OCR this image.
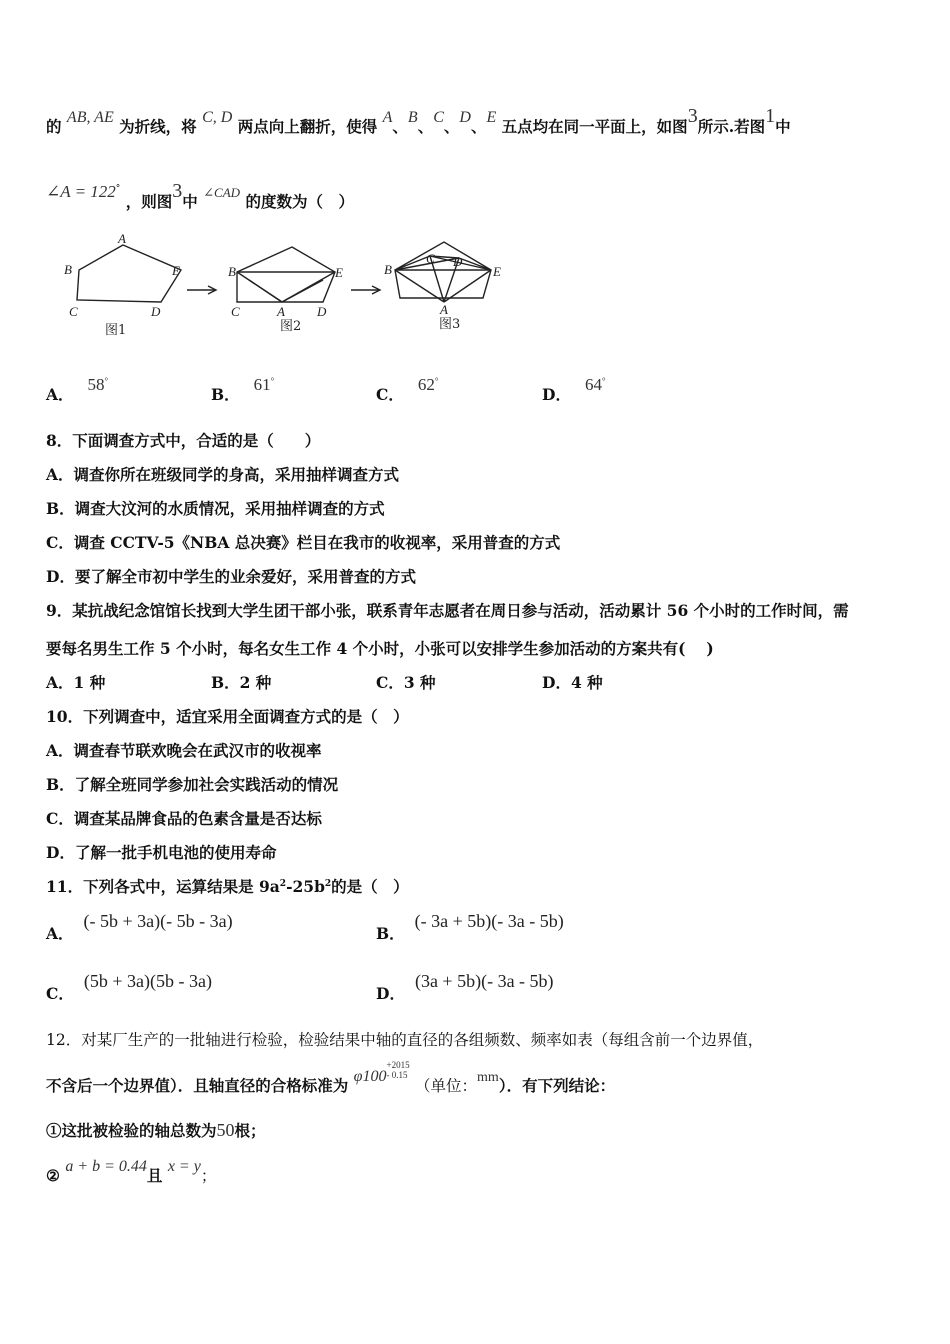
的 AB, AE 为折线，将 C, D 两点向上翻折，使得 A、B、C、D、E 五点均在同一平面上，如图3所示.若图1中
∠A = 122° ，则图3中 $^{\angle CAD}$ 的度数为（　）
A
B	E
C	D
B	E
C	A D
B
C D
E
A
图1	图2	图3
A．58°
B．61°
C．62°
D．64°
8．下面调查方式中，合适的是（　　）
A．调查你所在班级同学的身高，采用抽样调查方式
B．调查大汶河的水质情况，采用抽样调查的方式
C．调查 CCTV-5《NBA 总决赛》栏目在我市的收视率，采用普查的方式
D．要了解全市初中学生的业余爱好，采用普查的方式
9．某抗战纪念馆馆长找到大学生团干部小张，联系青年志愿者在周日参与活动，活动累计 56 个小时的工作时间，需
要每名男生工作 5 个小时，每名女生工作 4 个小时，小张可以安排学生参加活动的方案共有(　 )
A．1 种	B．2 种	C．3 种	D．4 种
10．下列调查中，适宜采用全面调查方式的是（　）
A．调查春节联欢晚会在武汉市的收视率
B．了解全班同学参加社会实践活动的情况
C．调查某品牌食品的色素含量是否达标
D．了解一批手机电池的使用寿命
11．下列各式中，运算结果是 $9a^2-25b^2$的是（　）
A．(- 5b + 3a)(- 5b - 3a)
B．(- 3a + 5b)(- 3a - 5b)
C．(5b + 3a)(5b - 3a)
D．(3a + 5b)(- 3a - 5b)
12．对某厂生产的一批轴进行检验，检验结果中轴的直径的各组频数、频率如表（每组含前一个边界值，
不含后一个边界值）．且轴直径的合格标准为 φ100
+2015
- 0.15
（单位：mm）．有下列结论：
①这批被检验的轴总数为50根；
② a + b = 0.44且 x = y；
